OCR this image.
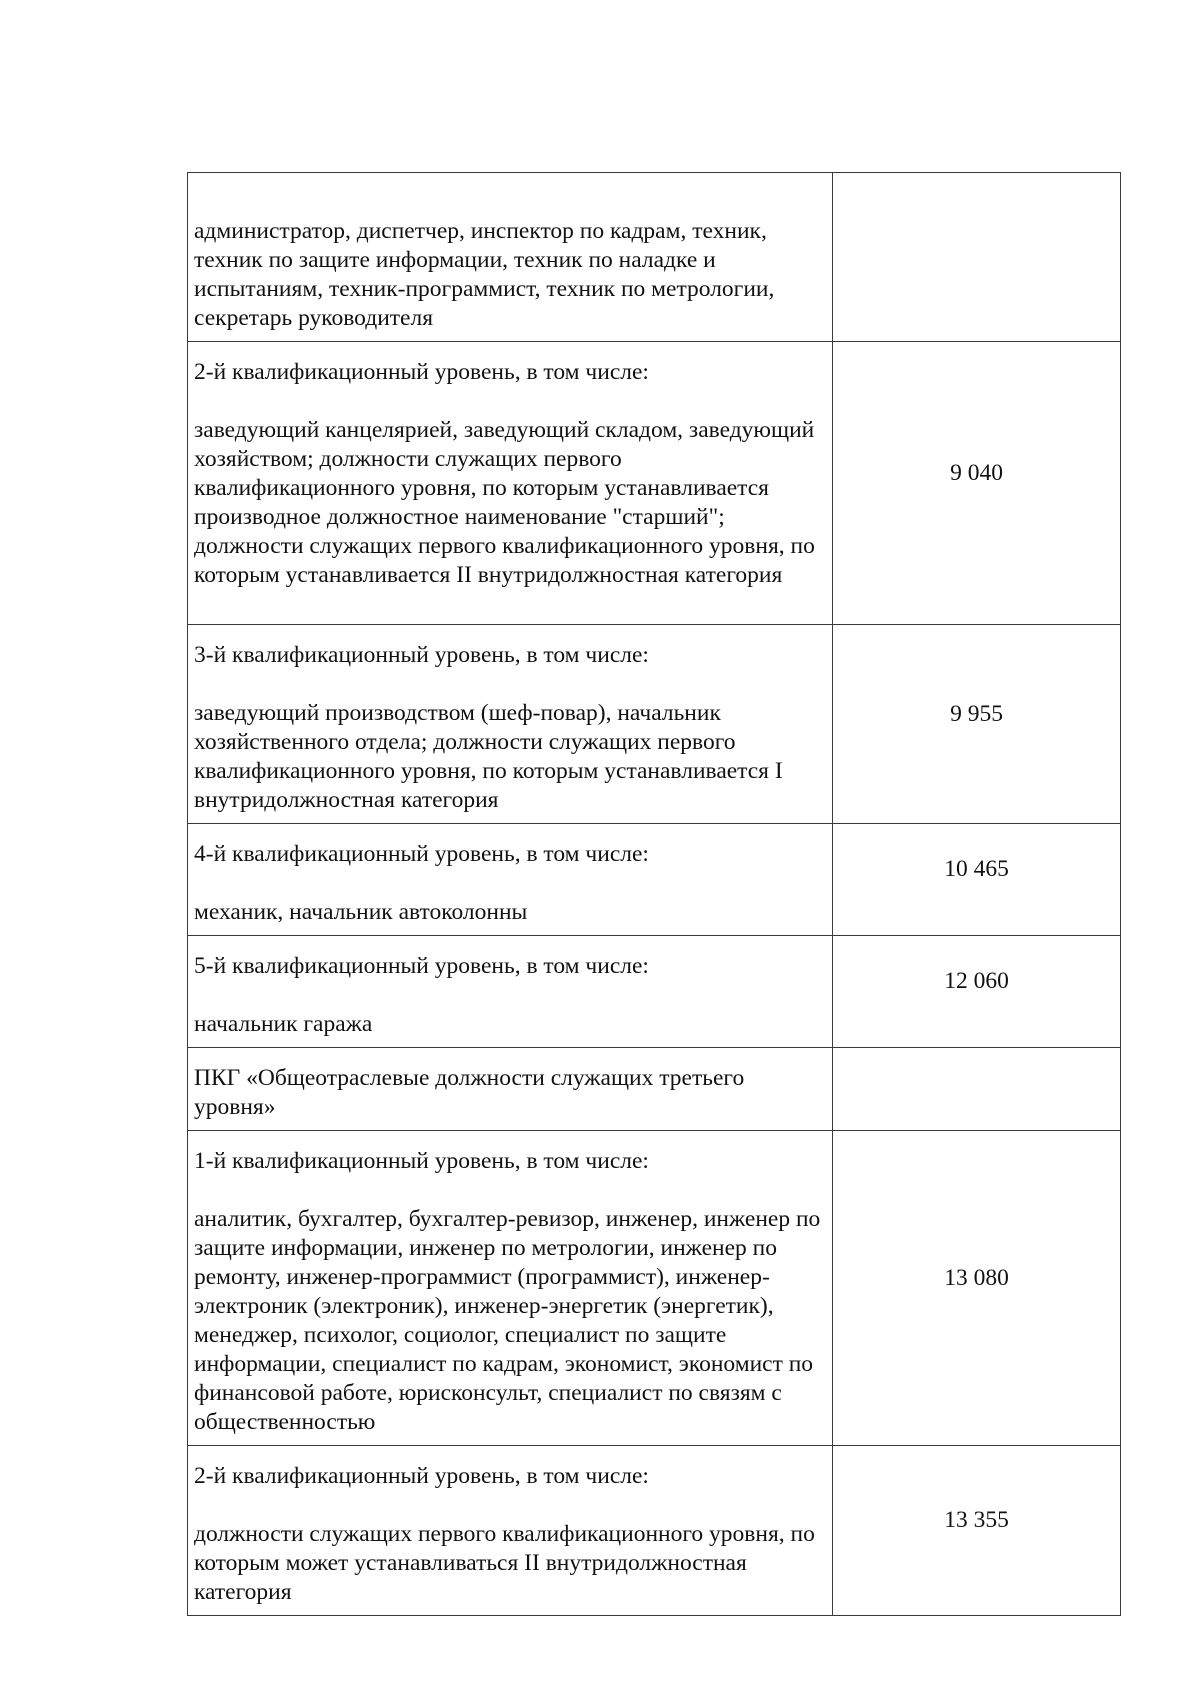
администратор, диспетчер, инспектор по кадрам, техник, техник по защите информации, техник по наладке и испытаниям, техник-программист, техник по метрологии, секретарь руководителя	

2-й квалификационный уровень, в том числе:
заведующий канцелярией, заведующий складом, заведующий хозяйством; должности служащих первого квалификационного уровня, по которым устанавливается производное должностное наименование "старший"; должности служащих первого квалификационного уровня, по которым устанавливается II внутридолжностная категория	9 040

3-й квалификационный уровень, в том числе:
заведующий производством (шеф-повар), начальник хозяйственного отдела; должности служащих первого квалификационного уровня, по которым устанавливается I внутридолжностная категория	9 955

4-й квалификационный уровень, в том числе:
механик, начальник автоколонны	10 465

5-й квалификационный уровень, в том числе:
начальник гаража	12 060

ПКГ «Общеотраслевые должности служащих третьего уровня»	

1-й квалификационный уровень, в том числе:
аналитик, бухгалтер, бухгалтер-ревизор, инженер, инженер по защите информации, инженер по метрологии, инженер по ремонту, инженер-программист (программист), инженер-электроник (электроник), инженер-энергетик (энергетик), менеджер, психолог, социолог, специалист по защите информации, специалист по кадрам, экономист, экономист по финансовой работе, юрисконсульт, специалист по связям с общественностью	13 080

2-й квалификационный уровень, в том числе:
должности служащих первого квалификационного уровня, по которым может устанавливаться II внутридолжностная категория	13 355
